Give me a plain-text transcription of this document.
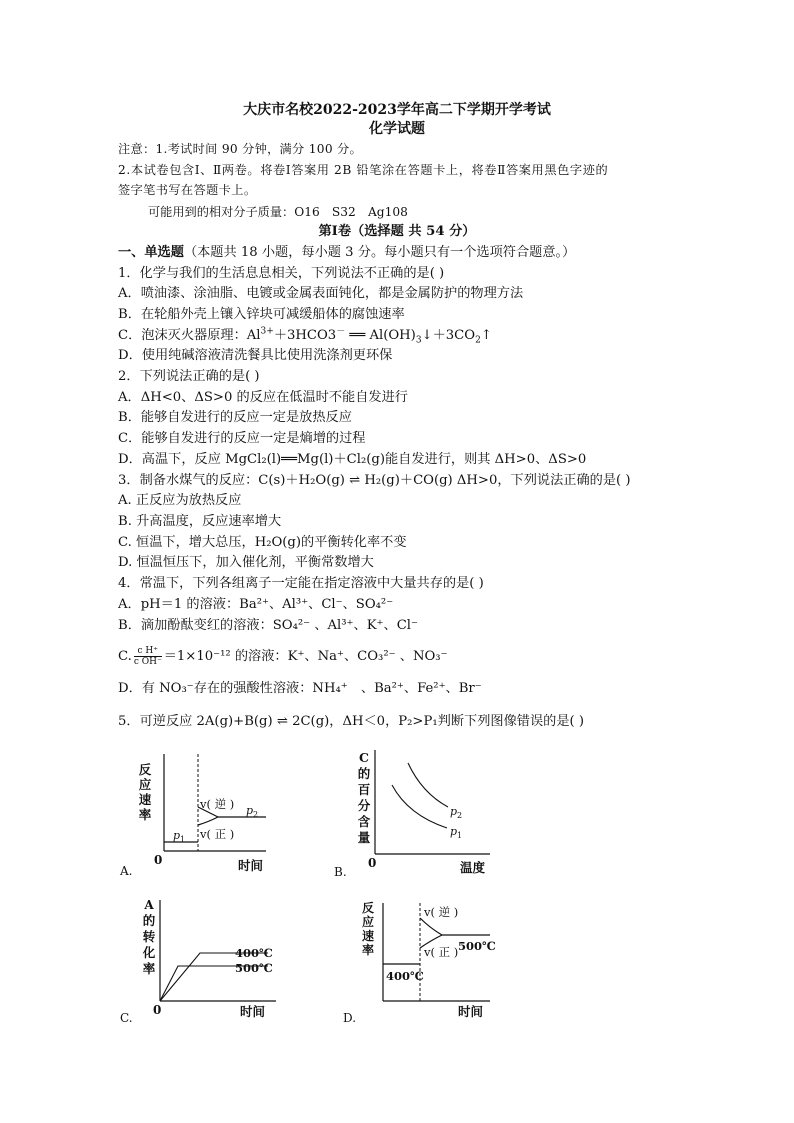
大庆市名校2022-2023学年高二下学期开学考试
化学试题
注意：1.考试时间 90 分钟，满分 100 分。
2.本试卷包含Ⅰ、Ⅱ两卷。将卷Ⅰ答案用 2B 铅笔涂在答题卡上，将卷Ⅱ答案用黑色字迹的
签字笔书写在答题卡上。
可能用到的相对分子质量：O16　S32　Ag108
第Ⅰ卷（选择题 共 54 分）
一、单选题（本题共 18 小题，每小题 3 分。每小题只有一个选项符合题意。）
1．化学与我们的生活息息相关，下列说法不正确的是( )
A．喷油漆、涂油脂、电镀或金属表面钝化，都是金属防护的物理方法
B．在轮船外壳上镶入锌块可减缓船体的腐蚀速率
C．泡沫灭火器原理：$Al^{3+}+3HCO3^-$ ══ $Al(OH)_3↓+3CO_2↑$
D．使用纯碱溶液清洗餐具比使用洗涤剂更环保
2．下列说法正确的是( )
A．ΔH<0、ΔS>0 的反应在低温时不能自发进行
B．能够自发进行的反应一定是放热反应
C．能够自发进行的反应一定是熵增的过程
D．高温下，反应 MgCl₂(l)══Mg(l)＋Cl₂(g)能自发进行，则其 ΔH>0、ΔS>0
3．制备水煤气的反应：C(s)＋H₂O(g) ⇌ H₂(g)＋CO(g) ΔH>0，下列说法正确的是( )
A. 正反应为放热反应
B. 升高温度，反应速率增大
C. 恒温下，增大总压，H₂O(g)的平衡转化率不变
D. 恒温恒压下，加入催化剂，平衡常数增大
4．常温下，下列各组离子一定能在指定溶液中大量共存的是( )
A．pH＝1 的溶液：Ba²⁺、Al³⁺、Cl⁻、SO₄²⁻
B．滴加酚酞变红的溶液：SO₄²⁻ 、Al³⁺、K⁺、Cl⁻
C. $\frac{\text{c H⁺}}{\text{c OH⁻}} =1\times 10^{-12}$ 的溶液：K⁺、Na⁺、CO₃²⁻ 、NO₃⁻
D．有 NO₃⁻存在的强酸性溶液：NH₄⁺　、Ba²⁺、Fe²⁺、Br⁻
5．可逆反应 2A(g)+B(g) ⇌ 2C(g)，ΔH＜0，P₂>P₁判断下列图像错误的是( )
反
应
速
率
0	时间
A.
v( 逆 )
v( 正 )
$p_1$
$p_2$
C
的
百
分
含
量
0	温度
B.
$p_2$
$p_1$
A
的
转
化
率
0	时间
C.
400℃
500℃
反
应
速
率
时间
D.
400℃
v( 逆 )
v( 正 ) 500℃
